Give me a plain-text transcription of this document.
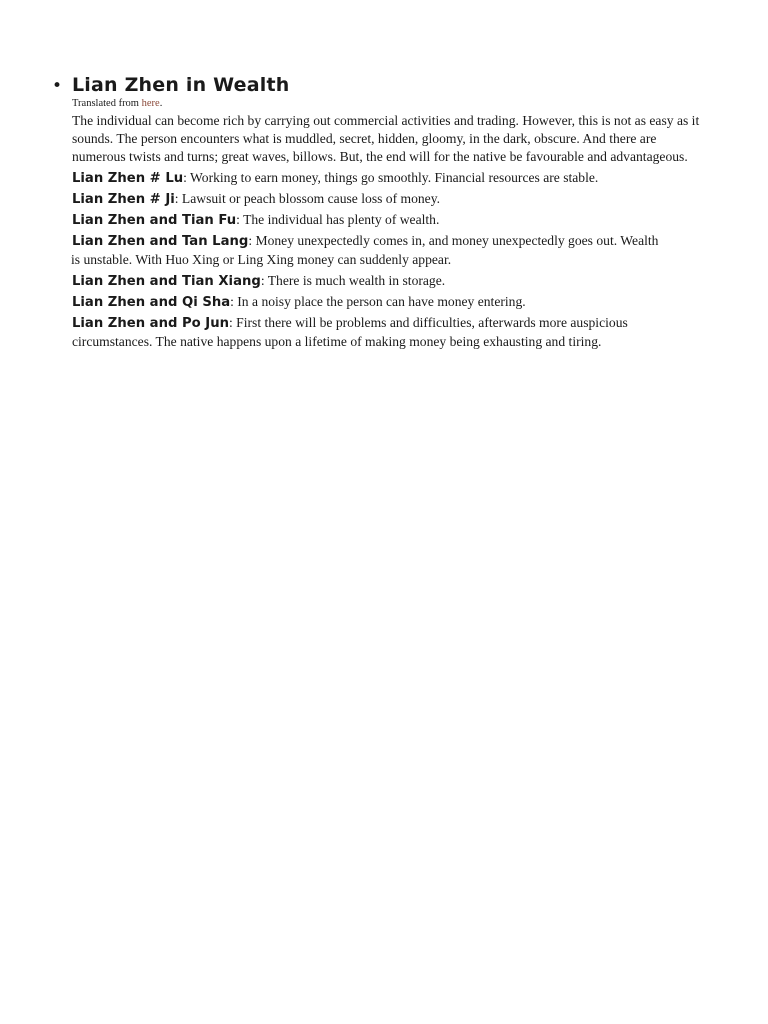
• Lian Zhen in Wealth

Translated from here.

The individual can become rich by carrying out commercial activities and trading. However, this is not as easy as it sounds. The person encounters what is muddled, secret, hidden, gloomy, in the dark, obscure. And there are numerous twists and turns; great waves, billows. But, the end will for the native be favourable and advantageous.

Lian Zhen # Lu: Working to earn money, things go smoothly. Financial resources are stable.

Lian Zhen # Ji: Lawsuit or peach blossom cause loss of money.

Lian Zhen and Tian Fu: The individual has plenty of wealth.

Lian Zhen and Tan Lang: Money unexpectedly comes in, and money unexpectedly goes out. Wealth
is unstable. With Huo Xing or Ling Xing money can suddenly appear.

Lian Zhen and Tian Xiang: There is much wealth in storage.

Lian Zhen and Qi Sha: In a noisy place the person can have money entering.

Lian Zhen and Po Jun: First there will be problems and difficulties, afterwards more auspicious circumstances. The native happens upon a lifetime of making money being exhausting and tiring.
